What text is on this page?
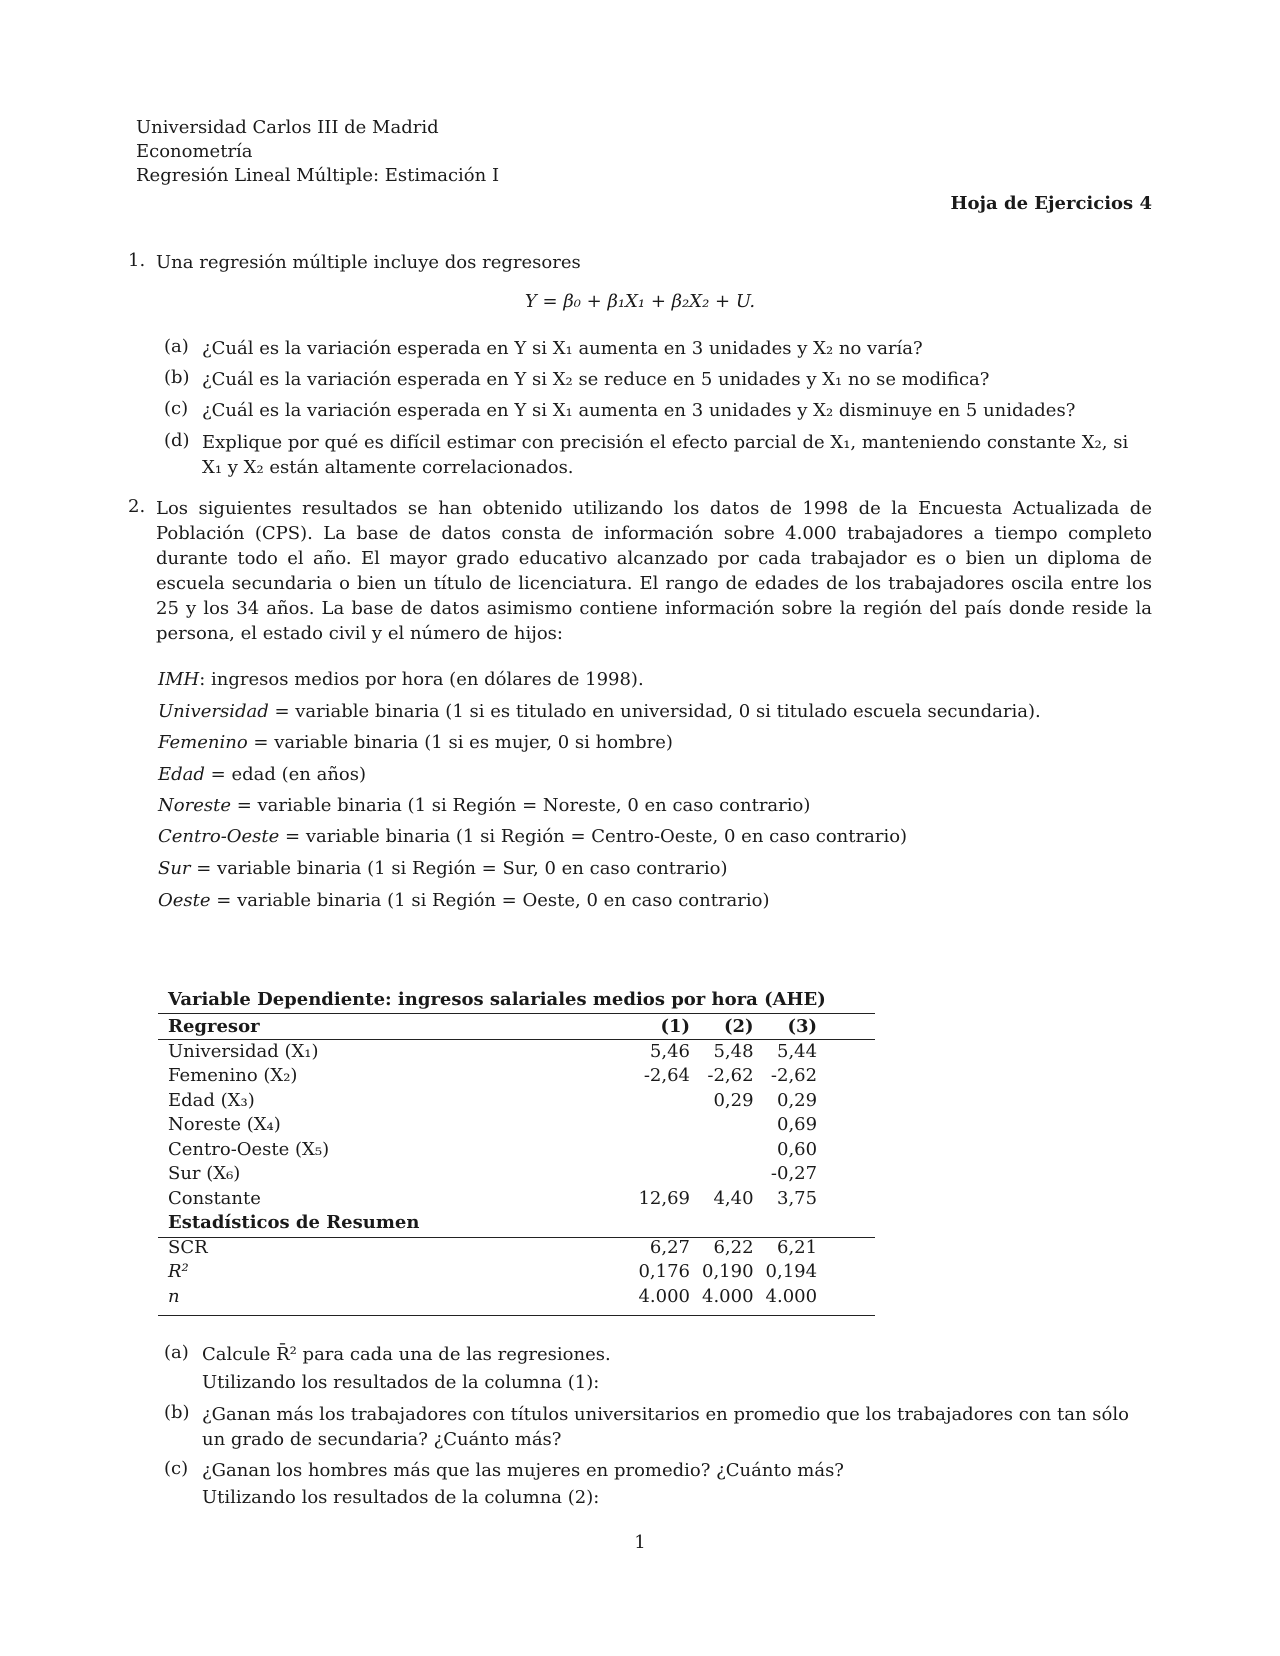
Universidad Carlos III de Madrid
Econometría
Regresión Lineal Múltiple: Estimación I
Hoja de Ejercicios 4
1. Una regresión múltiple incluye dos regresores
Y = β₀ + β₁X₁ + β₂X₂ + U.
(a) ¿Cuál es la variación esperada en Y si X₁ aumenta en 3 unidades y X₂ no varía?
(b) ¿Cuál es la variación esperada en Y si X₂ se reduce en 5 unidades y X₁ no se modifica?
(c) ¿Cuál es la variación esperada en Y si X₁ aumenta en 3 unidades y X₂ disminuye en 5 unidades?
(d) Explique por qué es difícil estimar con precisión el efecto parcial de X₁, manteniendo constante X₂, si X₁ y X₂ están altamente correlacionados.
2. Los siguientes resultados se han obtenido utilizando los datos de 1998 de la Encuesta Actualizada de Población (CPS). La base de datos consta de información sobre 4.000 trabajadores a tiempo completo durante todo el año. El mayor grado educativo alcanzado por cada trabajador es o bien un diploma de escuela secundaria o bien un título de licenciatura. El rango de edades de los trabajadores oscila entre los 25 y los 34 años. La base de datos asimismo contiene información sobre la región del país donde reside la persona, el estado civil y el número de hijos:
IMH: ingresos medios por hora (en dólares de 1998).
Universidad = variable binaria (1 si es titulado en universidad, 0 si titulado escuela secundaria).
Femenino = variable binaria (1 si es mujer, 0 si hombre)
Edad = edad (en años)
Noreste = variable binaria (1 si Región = Noreste, 0 en caso contrario)
Centro-Oeste = variable binaria (1 si Región = Centro-Oeste, 0 en caso contrario)
Sur = variable binaria (1 si Región = Sur, 0 en caso contrario)
Oeste = variable binaria (1 si Región = Oeste, 0 en caso contrario)
Variable Dependiente: ingresos salariales medios por hora (AHE)
Regresor	(1)	(2)	(3)
Universidad (X₁)	5,46	5,48	5,44
Femenino (X₂)	-2,64	-2,62	-2,62
Edad (X₃)		0,29	0,29
Noreste (X₄)			0,69
Centro-Oeste (X₅)			0,60
Sur (X₆)			-0,27
Constante	12,69	4,40	3,75
Estadísticos de Resumen			
SCR	6,27	6,22	6,21
R²	0,176	0,190	0,194
n	4.000	4.000	4.000
(a) Calcule R̄² para cada una de las regresiones.
Utilizando los resultados de la columna (1):
(b) ¿Ganan más los trabajadores con títulos universitarios en promedio que los trabajadores con tan sólo un grado de secundaria? ¿Cuánto más?
(c) ¿Ganan los hombres más que las mujeres en promedio? ¿Cuánto más?
Utilizando los resultados de la columna (2):
1
